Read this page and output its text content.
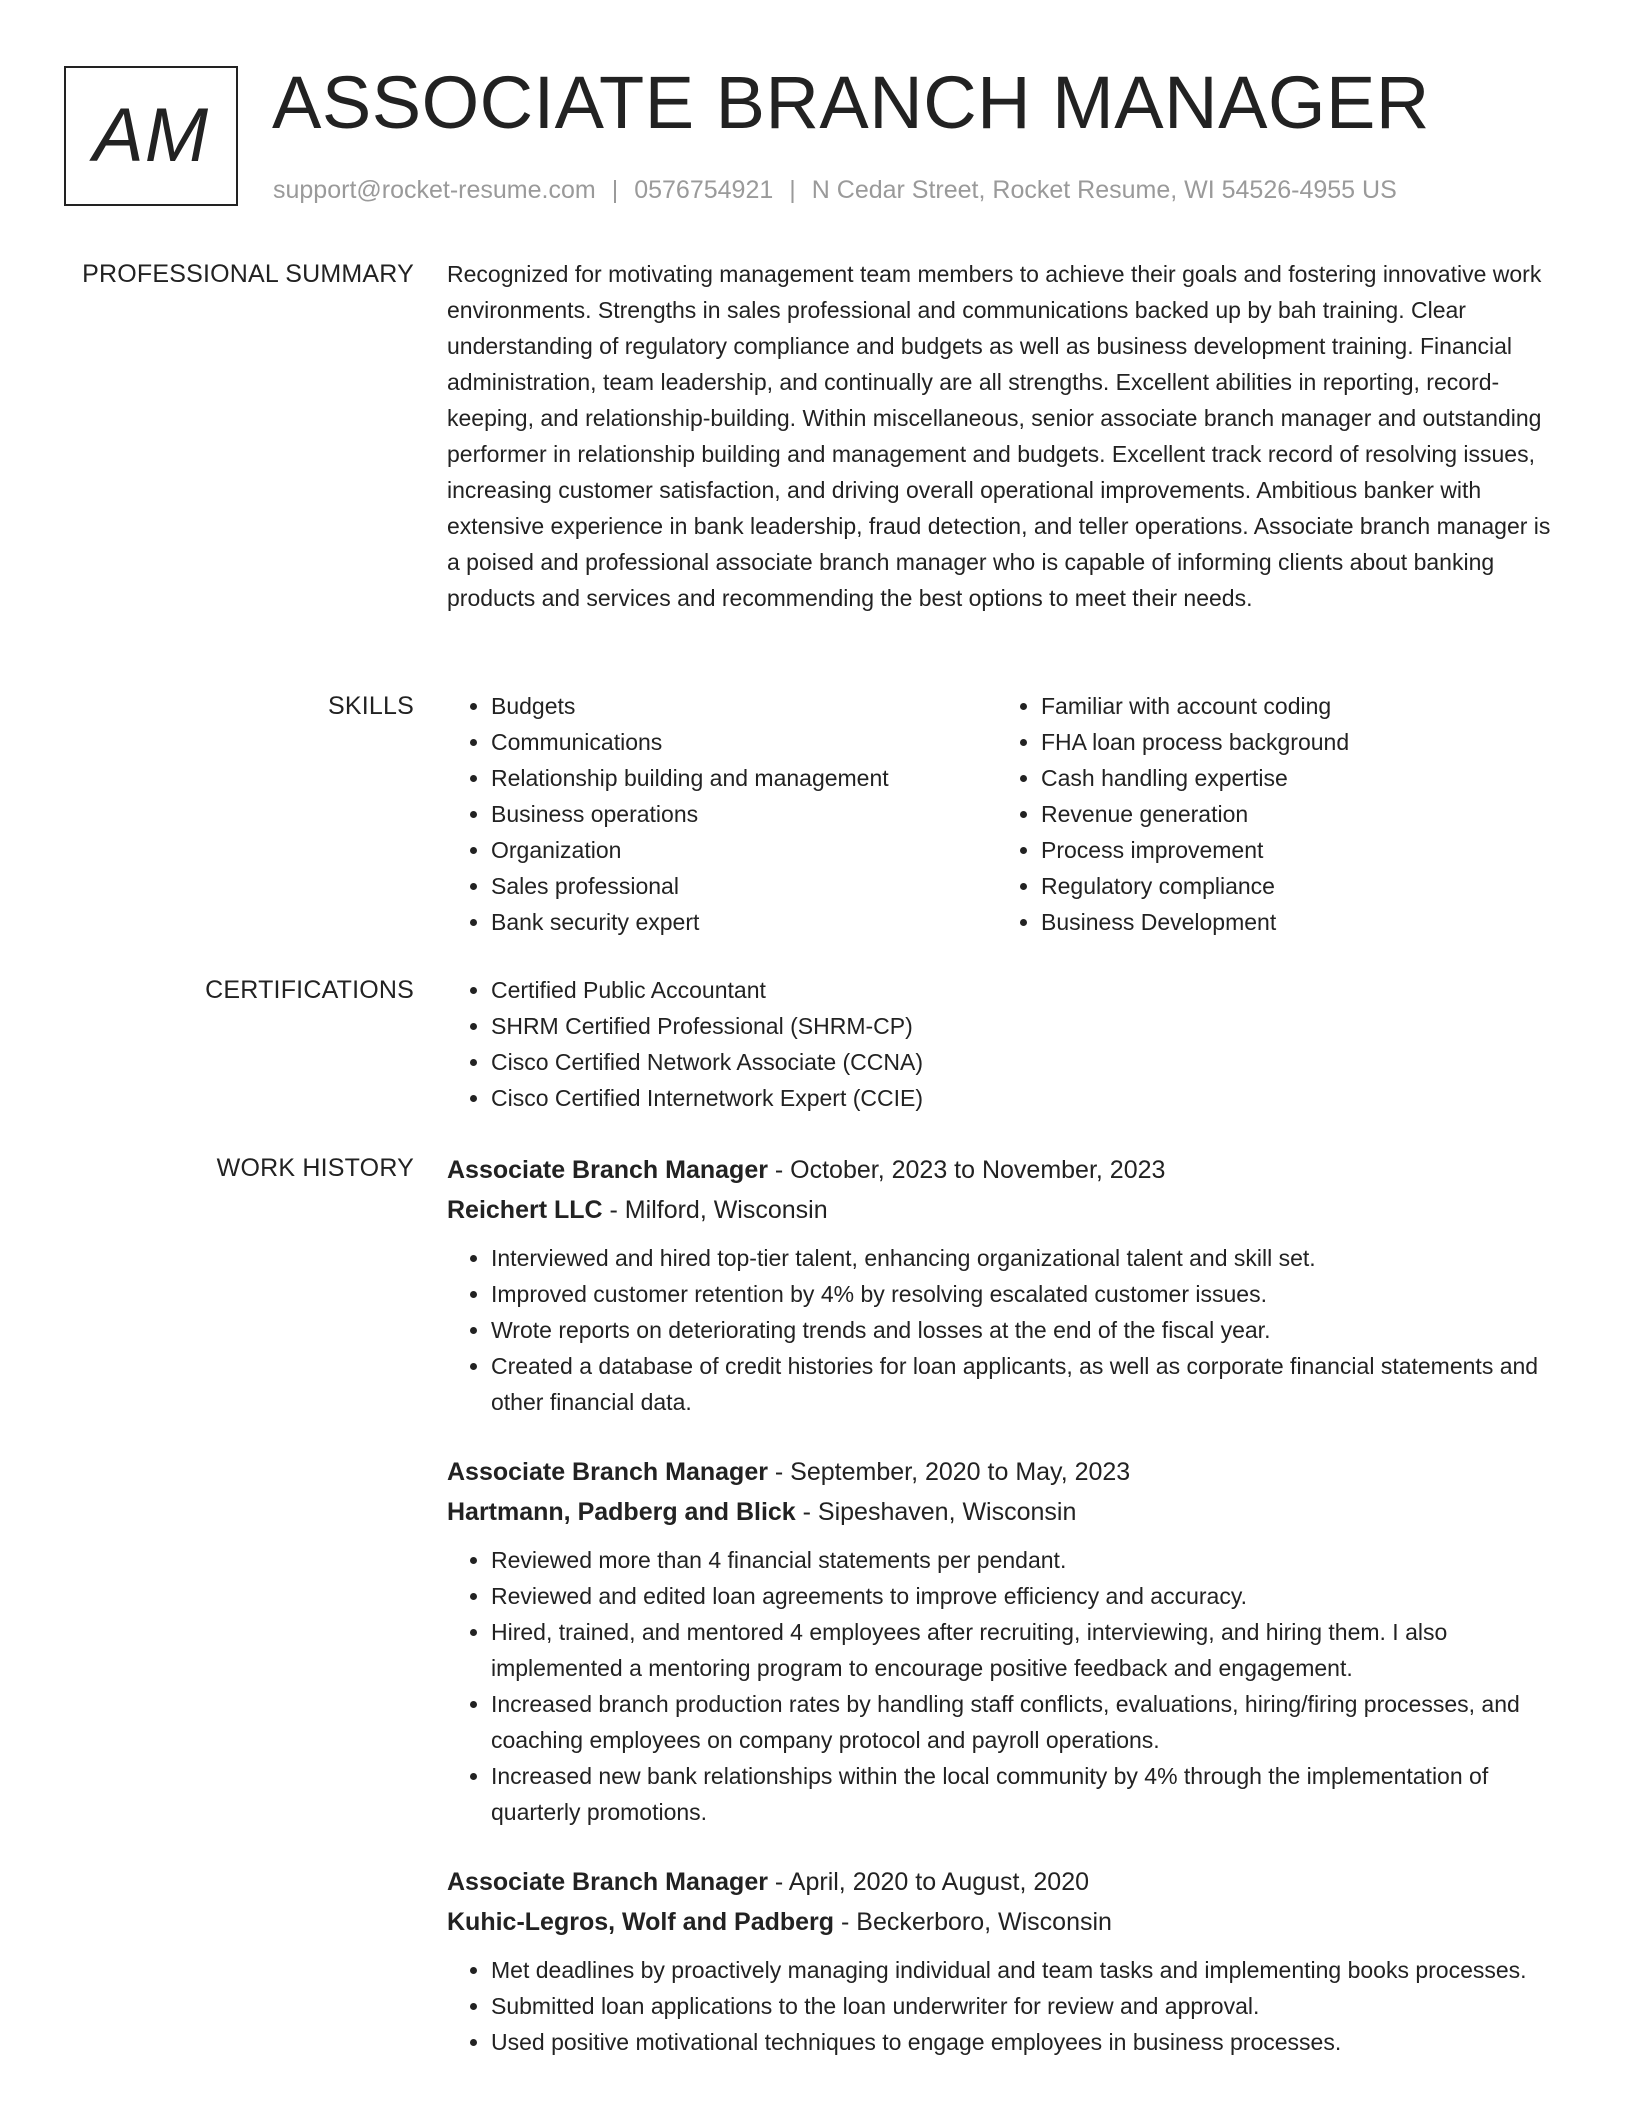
AM ASSOCIATE BRANCH MANAGER
support@rocket-resume.com | 0576754921 | N Cedar Street, Rocket Resume, WI 54526-4955 US
PROFESSIONAL SUMMARY Recognized for motivating management team members to achieve their goals and fostering innovative work environments. Strengths in sales professional and communications backed up by bah training. Clear understanding of regulatory compliance and budgets as well as business development training. Financial administration, team leadership, and continually are all strengths. Excellent abilities in reporting, record-keeping, and relationship-building. Within miscellaneous, senior associate branch manager and outstanding performer in relationship building and management and budgets. Excellent track record of resolving issues, increasing customer satisfaction, and driving overall operational improvements. Ambitious banker with extensive experience in bank leadership, fraud detection, and teller operations. Associate branch manager is a poised and professional associate branch manager who is capable of informing clients about banking products and services and recommending the best options to meet their needs.

SKILLS	• Budgets
• Communications
• Relationship building and management
• Business operations
• Organization
• Sales professional
• Bank security expert
• Familiar with account coding
• FHA loan process background
• Cash handling expertise
• Revenue generation
• Process improvement
• Regulatory compliance
• Business Development
CERTIFICATIONS	• Certified Public Accountant
• SHRM Certified Professional (SHRM-CP)
• Cisco Certified Network Associate (CCNA)
• Cisco Certified Internetwork Expert (CCIE)
WORK HISTORY Associate Branch Manager - October, 2023 to November, 2023
Reichert LLC - Milford, Wisconsin
• Interviewed and hired top-tier talent, enhancing organizational talent and skill set.
• Improved customer retention by 4% by resolving escalated customer issues.
• Wrote reports on deteriorating trends and losses at the end of the fiscal year.
• Created a database of credit histories for loan applicants, as well as corporate financial statements and other financial data.
Associate Branch Manager - September, 2020 to May, 2023
Hartmann, Padberg and Blick - Sipeshaven, Wisconsin
• Reviewed more than 4 financial statements per pendant.
• Reviewed and edited loan agreements to improve efficiency and accuracy.
• Hired, trained, and mentored 4 employees after recruiting, interviewing, and hiring them. I also implemented a mentoring program to encourage positive feedback and engagement.
• Increased branch production rates by handling staff conflicts, evaluations, hiring/firing processes, and coaching employees on company protocol and payroll operations.
• Increased new bank relationships within the local community by 4% through the implementation of quarterly promotions.
Associate Branch Manager - April, 2020 to August, 2020
Kuhic-Legros, Wolf and Padberg - Beckerboro, Wisconsin
• Met deadlines by proactively managing individual and team tasks and implementing books processes.
• Submitted loan applications to the loan underwriter for review and approval.
• Used positive motivational techniques to engage employees in business processes.
